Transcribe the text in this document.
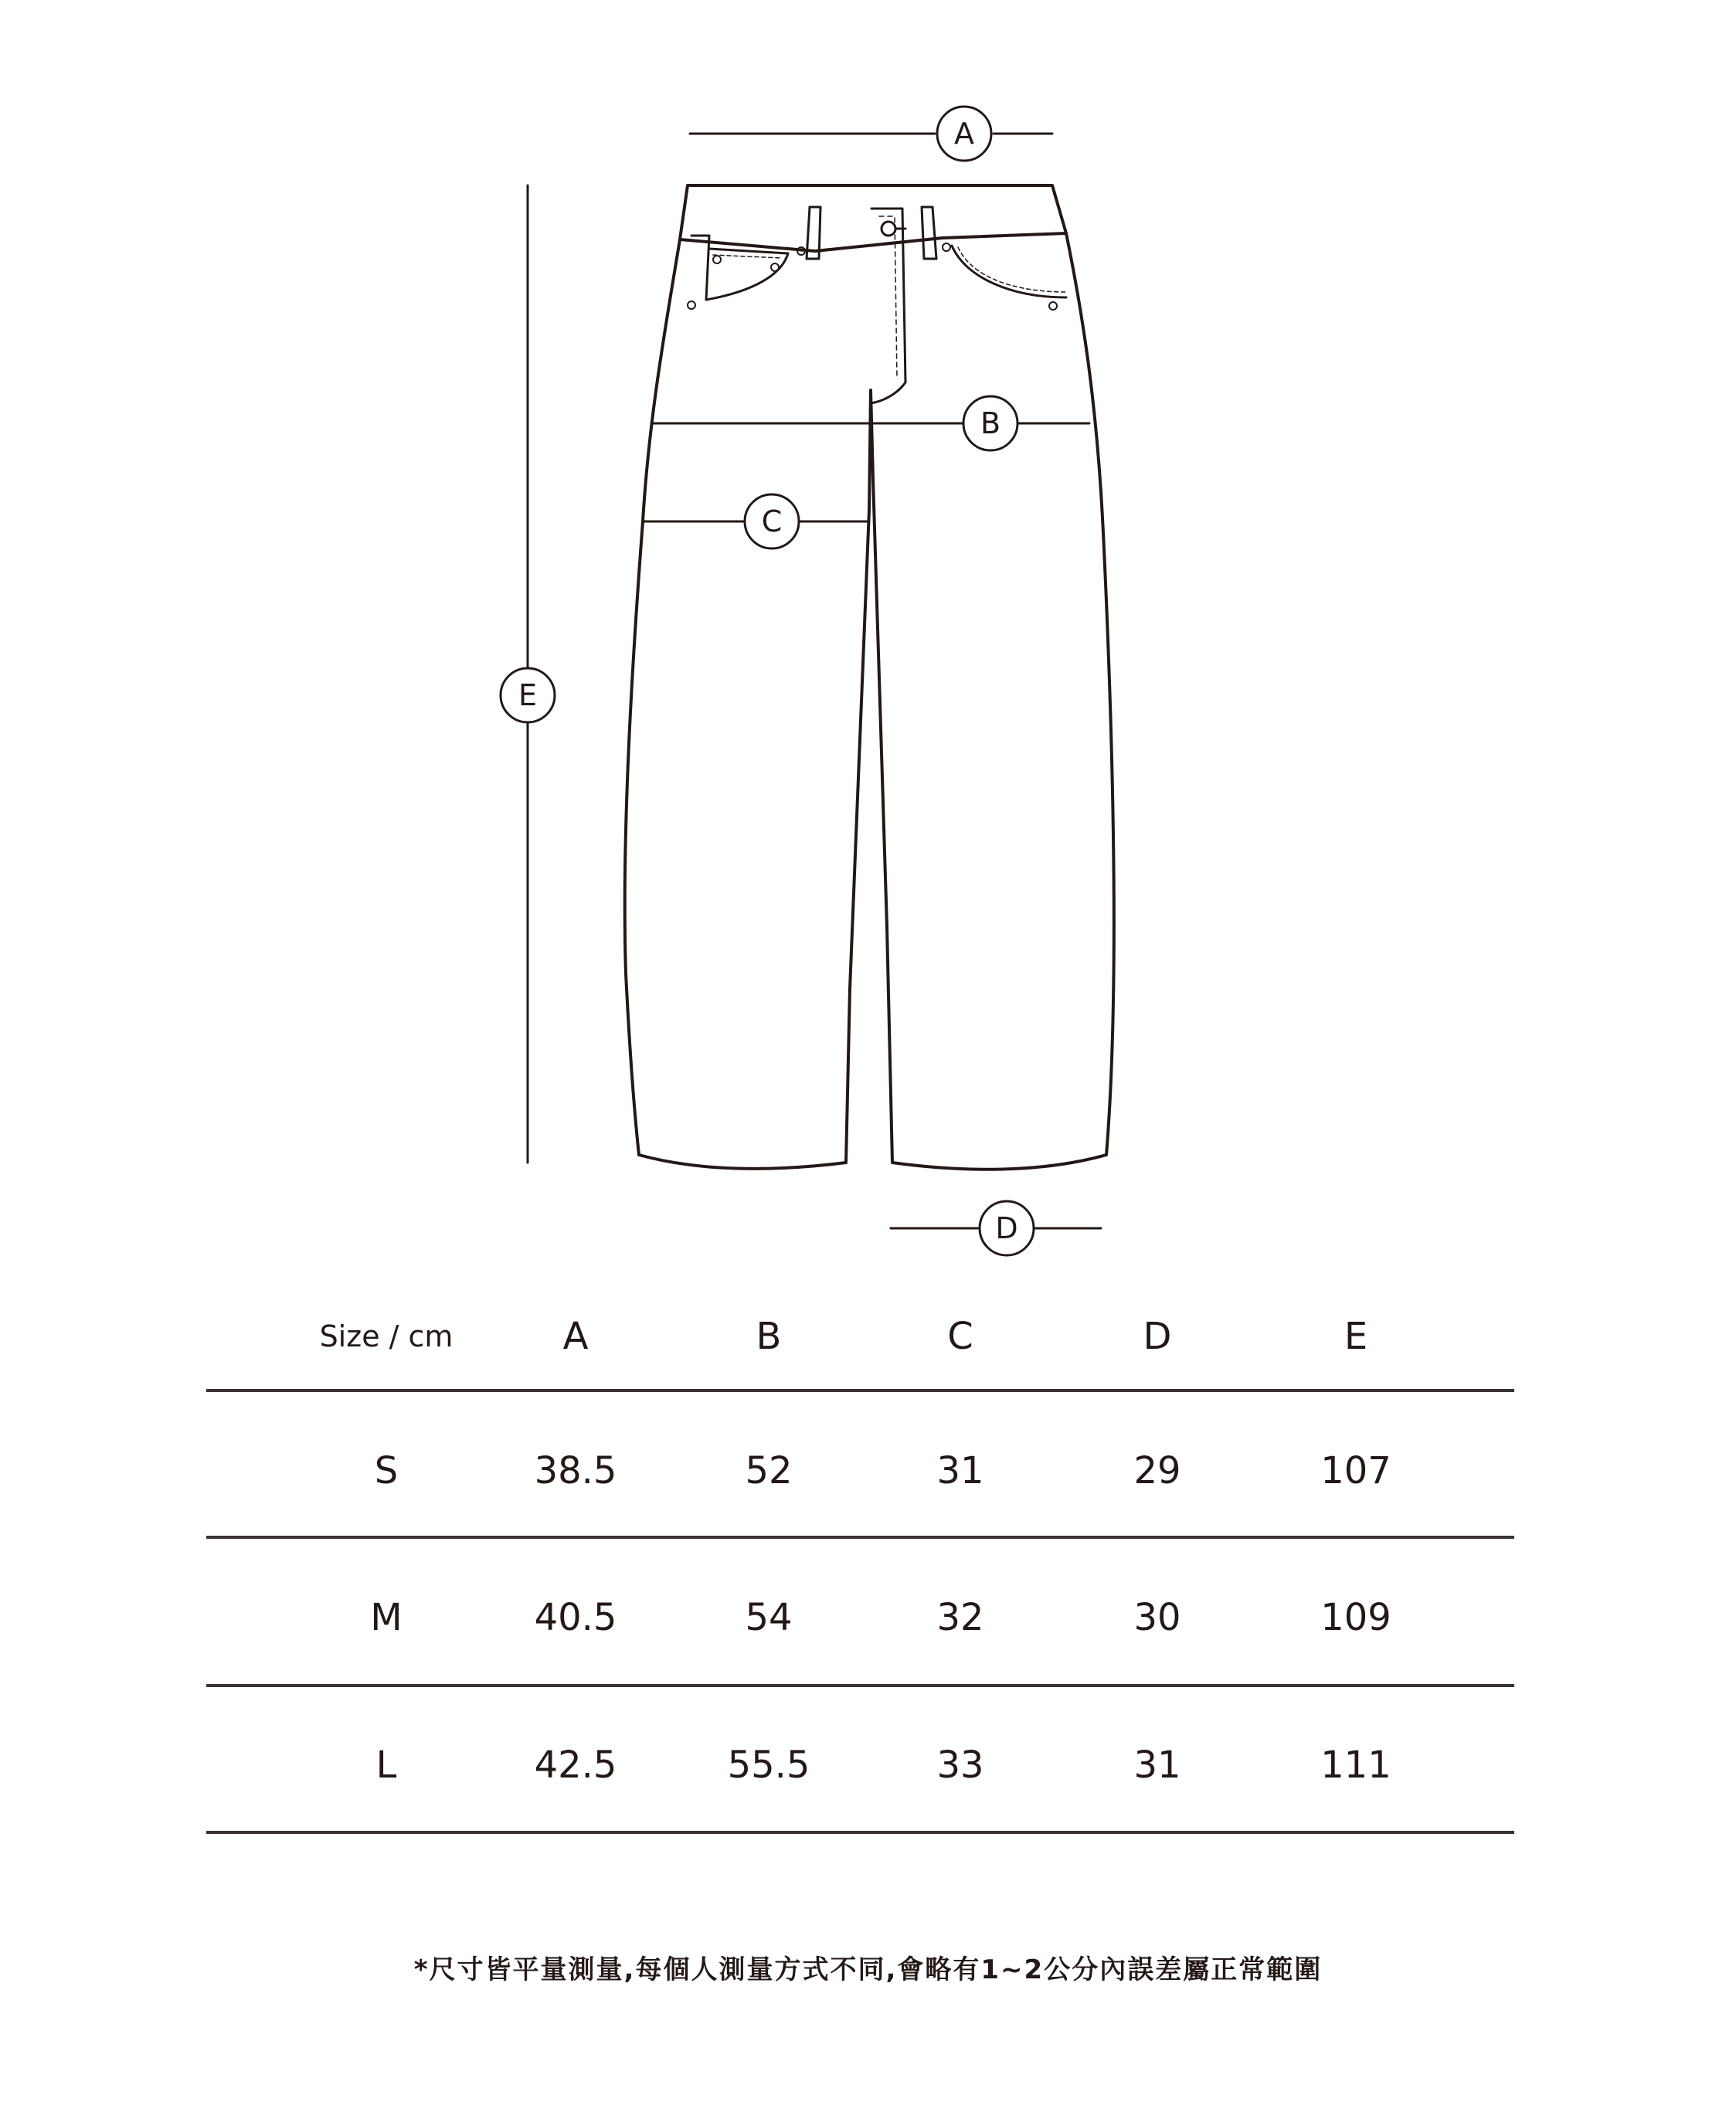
A
B
C
E
D
Size / cm	A	B	C	D	E
S	38.5	52	31	29	107
M	40.5	54	32	30	109
L	42.5	55.5	33	31	111
*尺寸皆平量測量,每個人測量方式不同,會略有1~2公分內誤差屬正常範圍
